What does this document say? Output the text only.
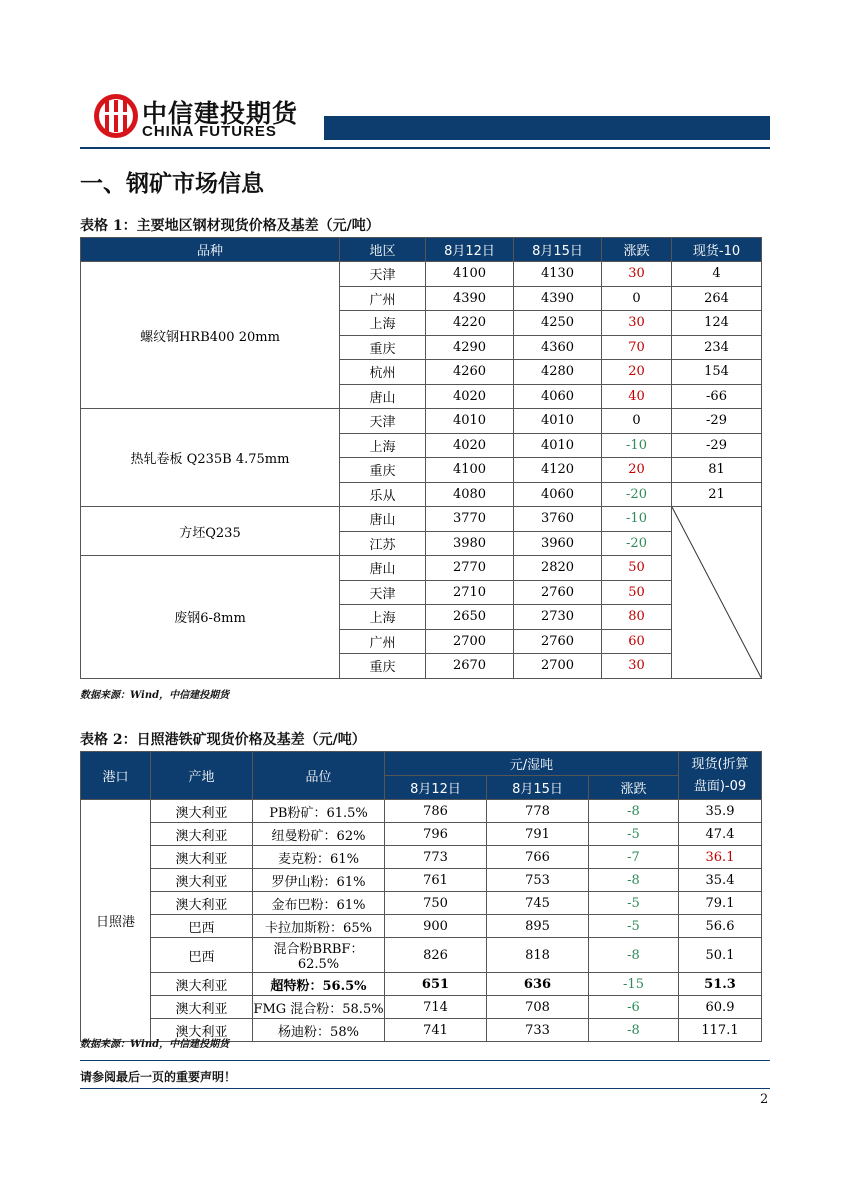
中信建投期货
CHINA FUTURES
一、钢矿市场信息
表格 1：主要地区钢材现货价格及基差（元/吨）
品种	地区	8月12日	8月15日	涨跌	现货-10
螺纹钢HRB400 20mm	天津	4100	4130	30	4
	广州	4390	4390	0	264
	上海	4220	4250	30	124
	重庆	4290	4360	70	234
	杭州	4260	4280	20	154
	唐山	4020	4060	40	-66
热轧卷板 Q235B 4.75mm	天津	4010	4010	0	-29
	上海	4020	4010	-10	-29
	重庆	4100	4120	20	81
	乐从	4080	4060	-20	21
方坯Q235	唐山	3770	3760	-10	

	江苏	3980	3960	-20	
废钢6-8mm	唐山	2770	2820	50	
	天津	2710	2760	50	
	上海	2650	2730	80	
	广州	2700	2760	60	
	重庆	2670	2700	30	
数据来源：Wind，中信建投期货
表格 2：日照港铁矿现货价格及基差（元/吨）
港口	产地	品位	元/湿吨			现货(折算
盘面)-09
			8月12日	8月15日	涨跌	
日照港	澳大利亚	PB粉矿：61.5%	786	778	-8	35.9
	澳大利亚	纽曼粉矿：62%	796	791	-5	47.4
	澳大利亚	麦克粉：61%	773	766	-7	36.1
	澳大利亚	罗伊山粉：61%	761	753	-8	35.4
	澳大利亚	金布巴粉：61%	750	745	-5	79.1
	巴西	卡拉加斯粉：65%	900	895	-5	56.6
	巴西	混合粉BRBF：62.5%	826	818	-8	50.1
	澳大利亚	超特粉：56.5%	651	636	-15	51.3
	澳大利亚	FMG 混合粉：58.5%	714	708	-6	60.9
	澳大利亚	杨迪粉：58%	741	733	-8	117.1
数据来源：Wind，中信建投期货
请参阅最后一页的重要声明！
2
